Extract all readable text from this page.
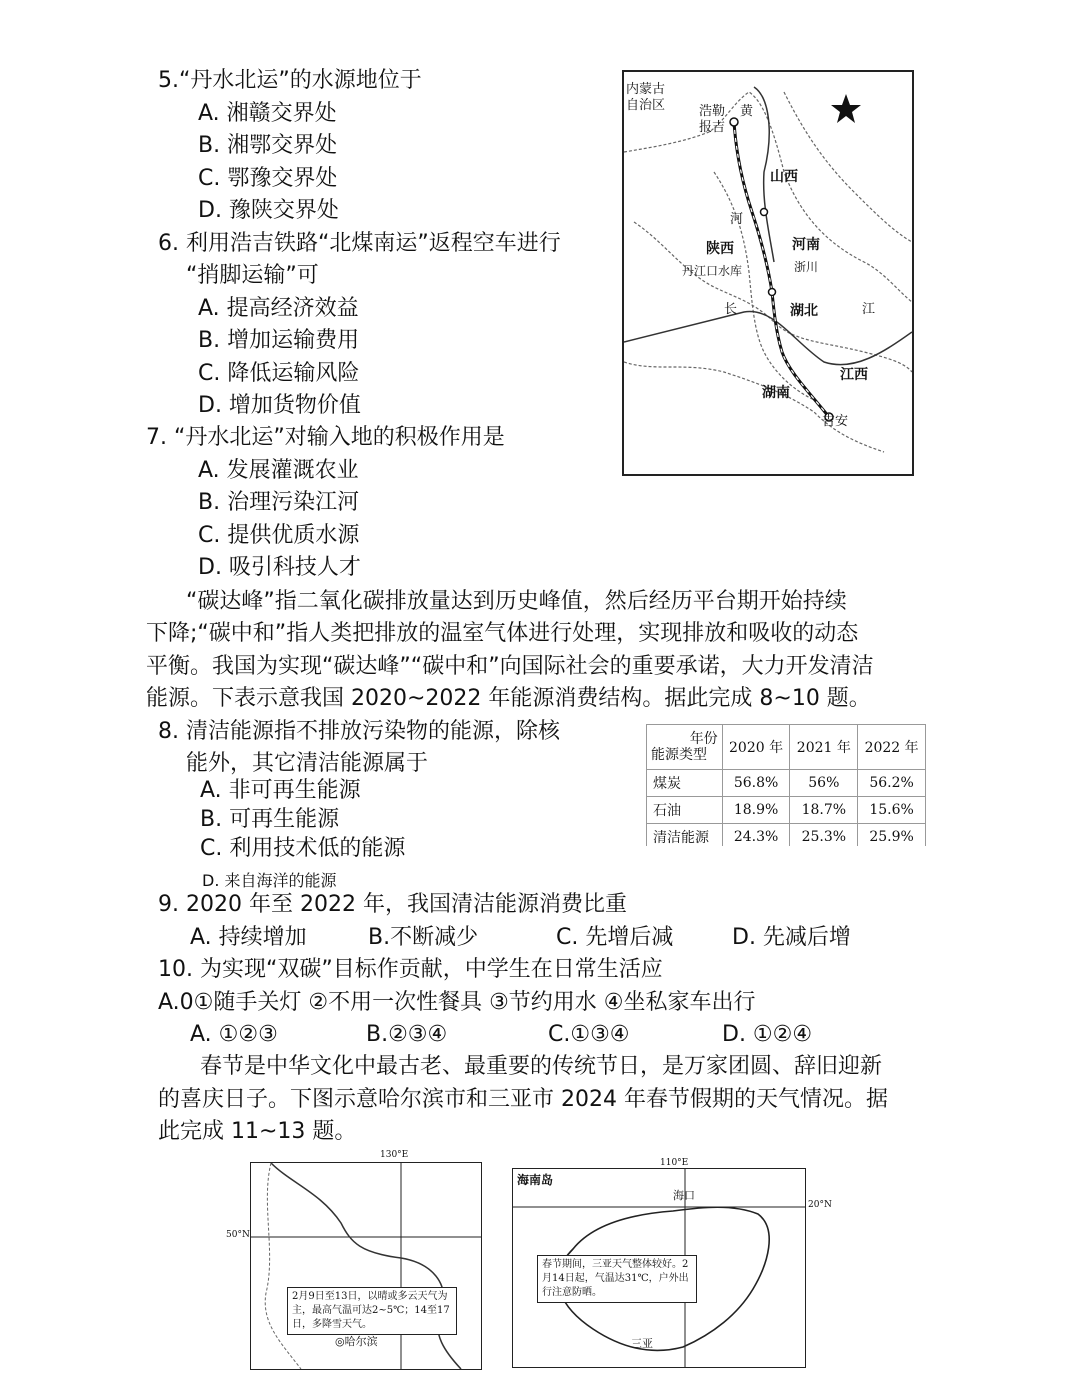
5.“丹水北运”的水源地位于
A. 湘赣交界处
B. 湘鄂交界处
C. 鄂豫交界处
D. 豫陕交界处
6. 利用浩吉铁路“北煤南运”返程空车进行
“捎脚运输”可
A. 提高经济效益
B. 增加运输费用
C. 降低运输风险
D. 增加货物价值
7. “丹水北运”对输入地的积极作用是
A. 发展灌溉农业
B. 治理污染江河
C. 提供优质水源
D. 吸引科技人才
内蒙古
自治区	浩勒
报吉
黄
山西
河
陕西	河南
丹江口水库	浙川
长	湖北	江
江西
湖南
吉安
“碳达峰”指二氧化碳排放量达到历史峰值，然后经历平台期开始持续
下降;“碳中和”指人类把排放的温室气体进行处理，实现排放和吸收的动态
平衡。我国为实现“碳达峰”“碳中和”向国际社会的重要承诺，大力开发清洁
能源。下表示意我国 2020~2022 年能源消费结构。据此完成 8~10 题。
8. 清洁能源指不排放污染物的能源，除核
能外，其它清洁能源属于
A. 非可再生能源
B. 可再生能源
C. 利用技术低的能源
D. 来自海洋的能源
年份
能源类型	2020 年	2021 年	2022 年
煤炭	56.8%	56%	56.2%
石油	18.9%	18.7%	15.6%
清洁能源	24.3%	25.3%	25.9%
9. 2020 年至 2022 年，我国清洁能源消费比重
A. 持续增加	B.不断减少	C. 先增后减	D. 先减后增
10. 为实现“双碳”目标作贡献，中学生在日常生活应
A.0①随手关灯 ②不用一次性餐具 ③节约用水 ④坐私家车出行
A. ①②③	B.②③④	C.①③④	D. ①②④
春节是中华文化中最古老、最重要的传统节日，是万家团圆、辞旧迎新
的喜庆日子。下图示意哈尔滨市和三亚市 2024 年春节假期的天气情况。据
此完成 11~13 题。
130°E
50°N
2月9日至13日，以晴或多云天气为主，最高气温可达2~5℃；14至17日，多降雪天气。
◎哈尔滨
110°E
海南岛
海口
春节期间，三亚天气整体较好。2月14日起，气温达31℃，户外出行注意防晒。
三亚
20°N
